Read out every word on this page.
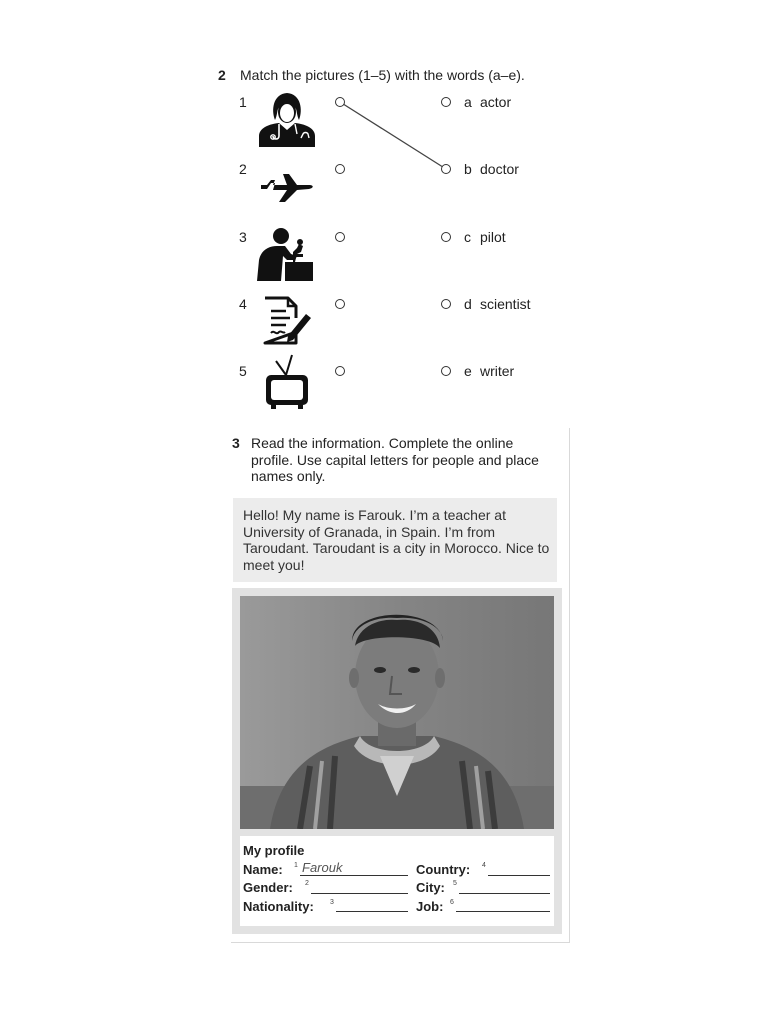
2 Match the pictures (1–5) with the words (a–e).
1	a actor
2	b doctor
3	c pilot
4	d scientist
5	e writer
3 Read the information. Complete the online profile. Use capital letters for people and place names only.
Hello! My name is Farouk. I’m a teacher at University of Granada, in Spain. I’m from Taroudant. Taroudant is a city in Morocco. Nice to meet you!
My profile
Name: 1 Farouk
Gender: 2
Nationality: 3
Country: 4
City: 5
Job: 6
